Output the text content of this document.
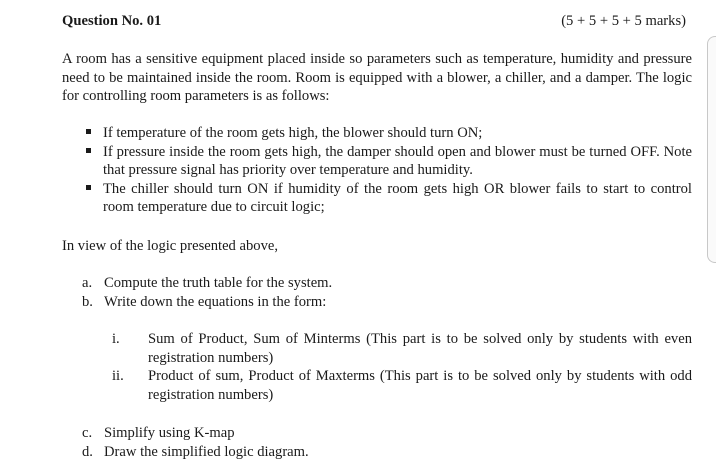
Question No. 01	(5 + 5 + 5 + 5 marks)

A room has a sensitive equipment placed inside so parameters such as temperature, humidity and pressure need to be maintained inside the room. Room is equipped with a blower, a chiller, and a damper. The logic for controlling room parameters is as follows:

If temperature of the room gets high, the blower should turn ON;
If pressure inside the room gets high, the damper should open and blower must be turned OFF. Note that pressure signal has priority over temperature and humidity.
The chiller should turn ON if humidity of the room gets high OR blower fails to start to control room temperature due to circuit logic;

In view of the logic presented above,

a. Compute the truth table for the system.
b. Write down the equations in the form:
i. Sum of Product, Sum of Minterms (This part is to be solved only by students with even registration numbers)
ii. Product of sum, Product of Maxterms (This part is to be solved only by students with odd registration numbers)
c. Simplify using K-map
d. Draw the simplified logic diagram.
